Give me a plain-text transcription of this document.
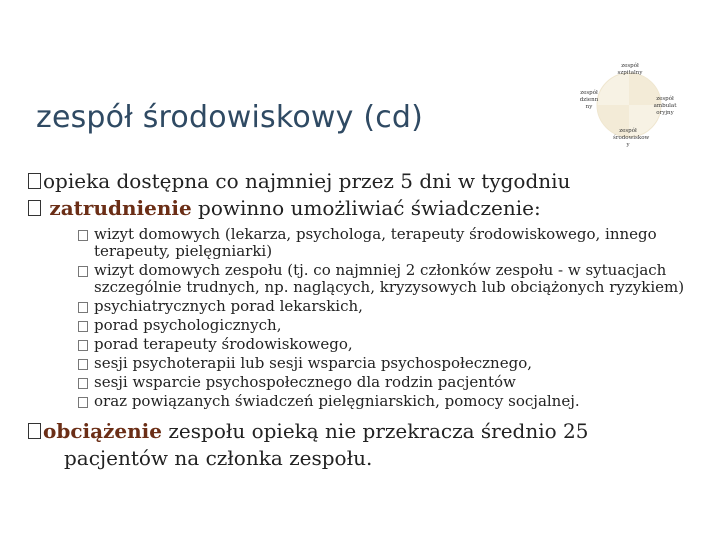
zespół środowiskowy (cd)
zespół szpitalny
zespół dzienn ny
zespół ambulat oryjny
zespół środowiskow y
opieka dostępna co najmniej przez 5 dni w tygodniu
zatrudnienie powinno umożliwiać świadczenie:
wizyt domowych (lekarza, psychologa, terapeuty środowiskowego, innego terapeuty, pielęgniarki)
wizyt domowych zespołu (tj. co najmniej 2 członków zespołu - w sytuacjach szczególnie trudnych, np. naglących, kryzysowych lub obciążonych ryzykiem)
psychiatrycznych porad lekarskich,
porad psychologicznych,
porad terapeuty środowiskowego,
sesji psychoterapii lub sesji wsparcia psychospołecznego,
sesji wsparcie psychospołecznego dla rodzin pacjentów
oraz powiązanych świadczeń pielęgniarskich, pomocy socjalnej.
obciążenie zespołu opieką nie przekracza średnio 25
pacjentów na członka zespołu.
